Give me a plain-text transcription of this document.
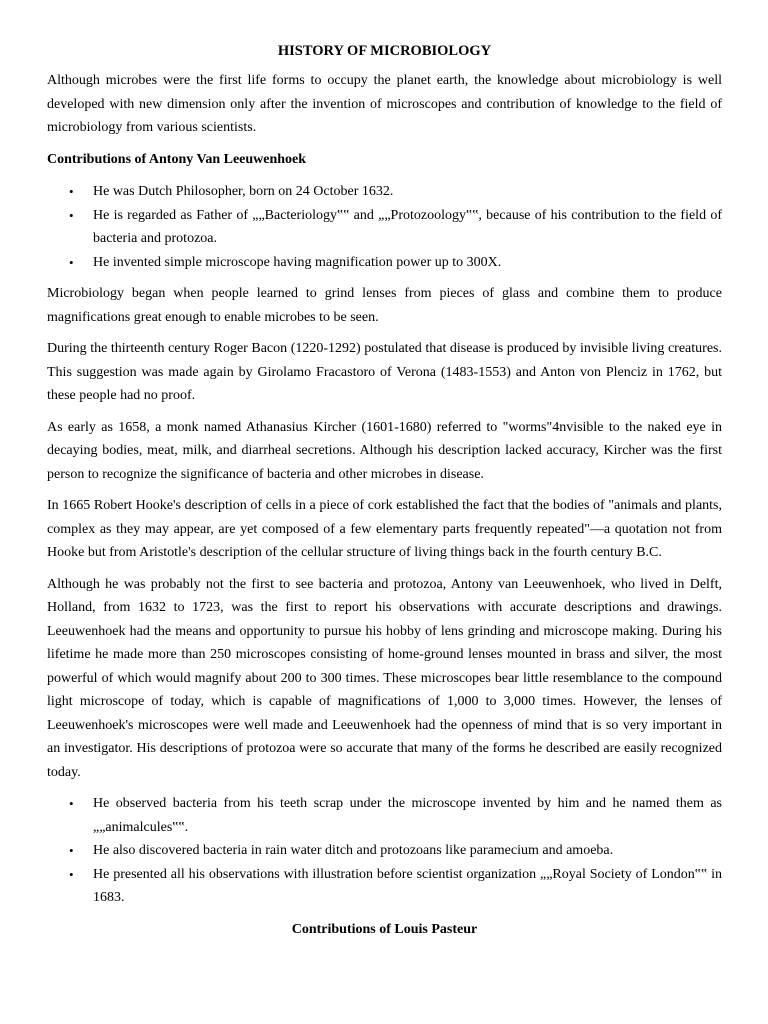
HISTORY OF MICROBIOLOGY

Although microbes were the first life forms to occupy the planet earth, the knowledge about microbiology is well developed with new dimension only after the invention of microscopes and contribution of knowledge to the field of microbiology from various scientists.

Contributions of Antony Van Leeuwenhoek
• He was Dutch Philosopher, born on 24 October 1632.
• He is regarded as Father of „„Bacteriology‟‟ and „„Protozoology‟‟, because of his contribution to the field of bacteria and protozoa.
• He invented simple microscope having magnification power up to 300X.

Microbiology began when people learned to grind lenses from pieces of glass and combine them to produce magnifications great enough to enable microbes to be seen.

During the thirteenth century Roger Bacon (1220-1292) postulated that disease is produced by invisible living creatures. This suggestion was made again by Girolamo Fracastoro of Verona (1483-1553) and Anton von Plenciz in 1762, but these people had no proof.

As early as 1658, a monk named Athanasius Kircher (1601-1680) referred to "worms"4nvisible to the naked eye in decaying bodies, meat, milk, and diarrheal secretions. Although his description lacked accuracy, Kircher was the first person to recognize the significance of bacteria and other microbes in disease.

In 1665 Robert Hooke's description of cells in a piece of cork established the fact that the bodies of "animals and plants, complex as they may appear, are yet composed of a few elementary parts frequently repeated"—a quotation not from Hooke but from Aristotle's description of the cellular structure of living things back in the fourth century B.C.

Although he was probably not the first to see bacteria and protozoa, Antony van Leeuwenhoek, who lived in Delft, Holland, from 1632 to 1723, was the first to report his observations with accurate descriptions and drawings. Leeuwenhoek had the means and opportunity to pursue his hobby of lens grinding and microscope making. During his lifetime he made more than 250 microscopes consisting of home-ground lenses mounted in brass and silver, the most powerful of which would magnify about 200 to 300 times. These microscopes bear little resemblance to the compound light microscope of today, which is capable of magnifications of 1,000 to 3,000 times. However, the lenses of Leeuwenhoek's microscopes were well made and Leeuwenhoek had the openness of mind that is so very important in an investigator. His descriptions of protozoa were so accurate that many of the forms he described are easily recognized today.

• He observed bacteria from his teeth scrap under the microscope invented by him and he named them as „„animalcules‟‟.
• He also discovered bacteria in rain water ditch and protozoans like paramecium and amoeba.
• He presented all his observations with illustration before scientist organization „„Royal Society of London‟‟ in 1683.
Contributions of Louis Pasteur
